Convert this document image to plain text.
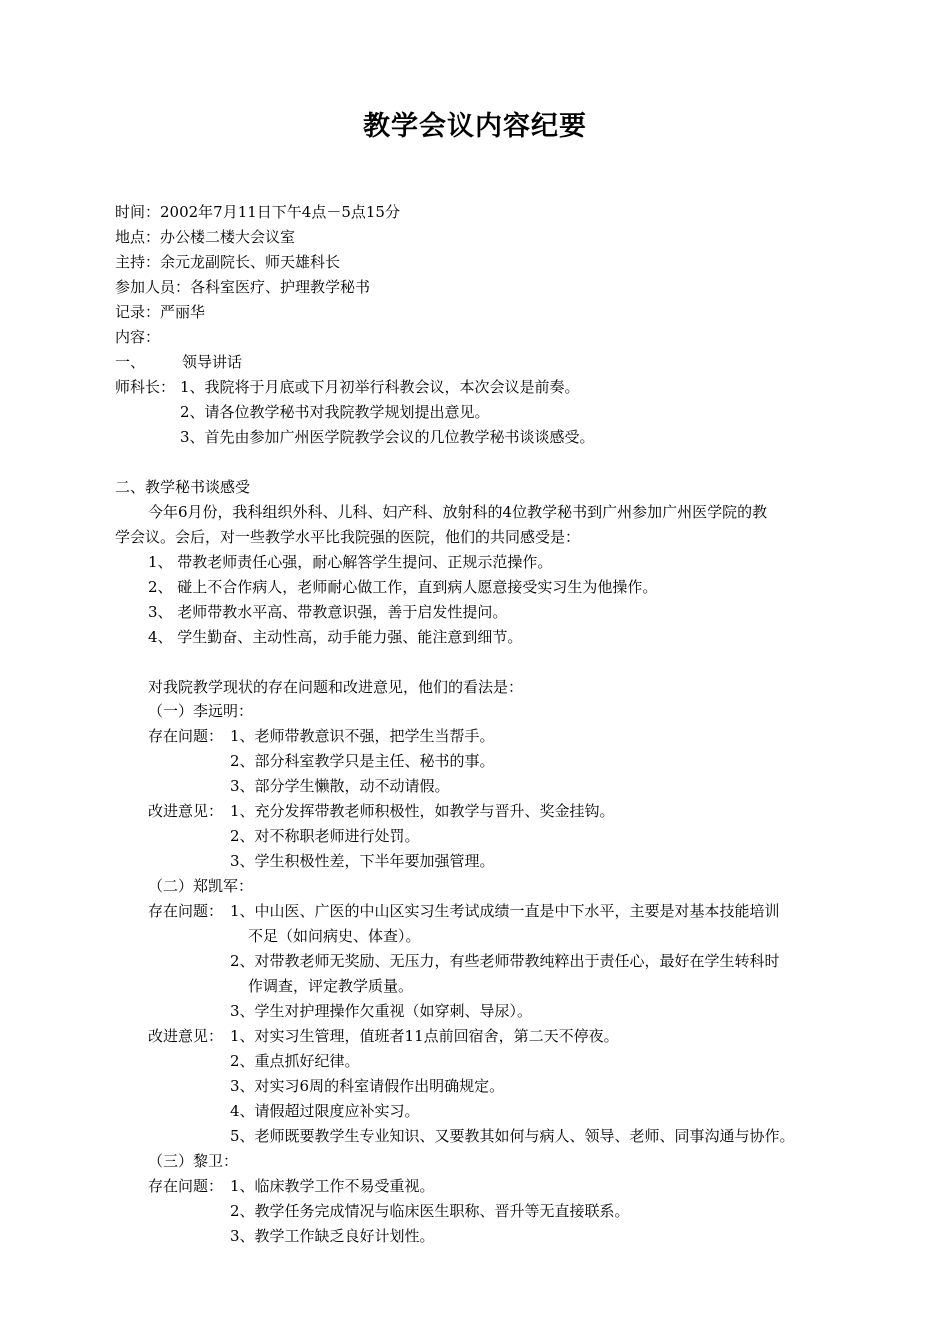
教学会议内容纪要
时间：2002年7月11日下午4点－5点15分
地点：办公楼二楼大会议室
主持：余元龙副院长、师天雄科长
参加人员：各科室医疗、护理教学秘书
记录：严丽华
内容：
一、 领导讲话
师科长： 1、我院将于月底或下月初举行科教会议，本次会议是前奏。
2、请各位教学秘书对我院教学规划提出意见。
3、首先由参加广州医学院教学会议的几位教学秘书谈谈感受。
二、教学秘书谈感受
今年6月份，我科组织外科、儿科、妇产科、放射科的4位教学秘书到广州参加广州医学院的教
学会议。会后，对一些教学水平比我院强的医院，他们的共同感受是：
1、 带教老师责任心强，耐心解答学生提问、正规示范操作。
2、 碰上不合作病人，老师耐心做工作，直到病人愿意接受实习生为他操作。
3、 老师带教水平高、带教意识强，善于启发性提问。
4、 学生勤奋、主动性高，动手能力强、能注意到细节。
对我院教学现状的存在问题和改进意见，他们的看法是：
（一）李远明：
存在问题： 1、老师带教意识不强，把学生当帮手。
2、部分科室教学只是主任、秘书的事。
3、部分学生懒散，动不动请假。
改进意见： 1、充分发挥带教老师积极性，如教学与晋升、奖金挂钩。
2、对不称职老师进行处罚。
3、学生积极性差，下半年要加强管理。
（二）郑凯军：
存在问题： 1、中山医、广医的中山区实习生考试成绩一直是中下水平，主要是对基本技能培训
不足（如问病史、体查）。
2、对带教老师无奖励、无压力，有些老师带教纯粹出于责任心，最好在学生转科时
作调查，评定教学质量。
3、学生对护理操作欠重视（如穿刺、导尿）。
改进意见： 1、对实习生管理，值班者11点前回宿舍，第二天不停夜。
2、重点抓好纪律。
3、对实习6周的科室请假作出明确规定。
4、请假超过限度应补实习。
5、老师既要教学生专业知识、又要教其如何与病人、领导、老师、同事沟通与协作。
（三）黎卫：
存在问题： 1、临床教学工作不易受重视。
2、教学任务完成情况与临床医生职称、晋升等无直接联系。
3、教学工作缺乏良好计划性。
